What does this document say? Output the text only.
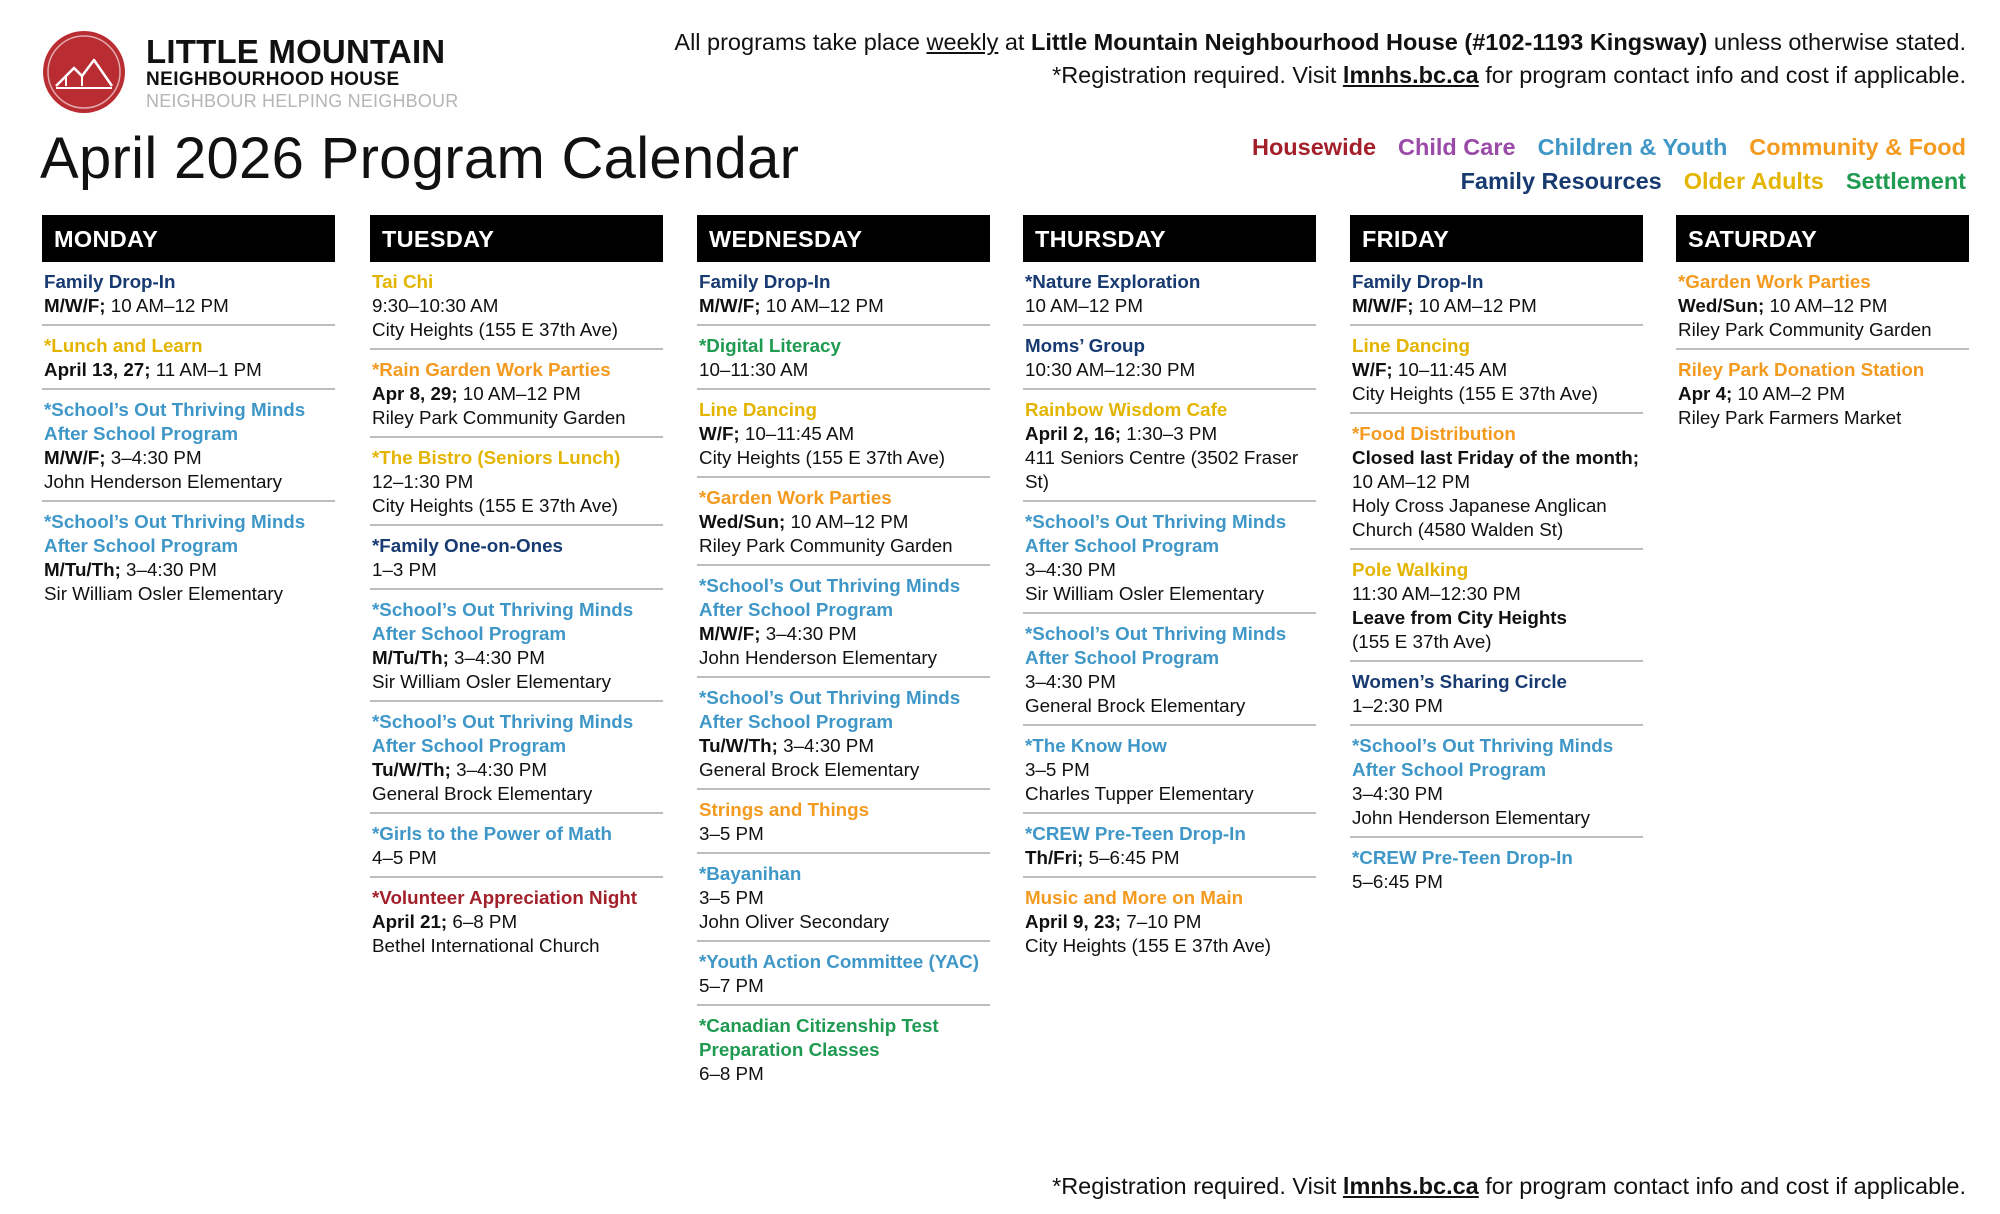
LITTLE MOUNTAIN
NEIGHBOURHOOD HOUSE
NEIGHBOUR HELPING NEIGHBOUR
All programs take place weekly at Little Mountain Neighbourhood House (#102-1193 Kingsway) unless otherwise stated.
*Registration required. Visit lmnhs.bc.ca for program contact info and cost if applicable.
April 2026 Program Calendar	Housewide Child Care Children & Youth Community & Food
Family Resources Older Adults Settlement
MONDAY
Family Drop-In
M/W/F; 10 AM–12 PM
*Lunch and Learn
April 13, 27; 11 AM–1 PM
*School’s Out Thriving Minds After School Program
M/W/F; 3–4:30 PM
John Henderson Elementary
*School’s Out Thriving Minds After School Program
M/Tu/Th; 3–4:30 PM
Sir William Osler Elementary
TUESDAY
Tai Chi
9:30–10:30 AM
City Heights (155 E 37th Ave)
*Rain Garden Work Parties
Apr 8, 29; 10 AM–12 PM
Riley Park Community Garden
*The Bistro (Seniors Lunch)
12–1:30 PM
City Heights (155 E 37th Ave)
*Family One-on-Ones
1–3 PM
*School’s Out Thriving Minds After School Program
M/Tu/Th; 3–4:30 PM
Sir William Osler Elementary
*School’s Out Thriving Minds After School Program
Tu/W/Th; 3–4:30 PM
General Brock Elementary
*Girls to the Power of Math
4–5 PM
*Volunteer Appreciation Night
April 21; 6–8 PM
Bethel International Church
WEDNESDAY
Family Drop-In
M/W/F; 10 AM–12 PM
*Digital Literacy
10–11:30 AM
Line Dancing
W/F; 10–11:45 AM
City Heights (155 E 37th Ave)
*Garden Work Parties
Wed/Sun; 10 AM–12 PM
Riley Park Community Garden
*School’s Out Thriving Minds After School Program
M/W/F; 3–4:30 PM
John Henderson Elementary
*School’s Out Thriving Minds After School Program
Tu/W/Th; 3–4:30 PM
General Brock Elementary
Strings and Things
3–5 PM
*Bayanihan
3–5 PM
John Oliver Secondary
*Youth Action Committee (YAC)
5–7 PM
*Canadian Citizenship Test Preparation Classes
6–8 PM
THURSDAY
*Nature Exploration
10 AM–12 PM
Moms’ Group
10:30 AM–12:30 PM
Rainbow Wisdom Cafe
April 2, 16; 1:30–3 PM
411 Seniors Centre (3502 Fraser St)
*School’s Out Thriving Minds After School Program
3–4:30 PM
Sir William Osler Elementary
*School’s Out Thriving Minds After School Program
3–4:30 PM
General Brock Elementary
*The Know How
3–5 PM
Charles Tupper Elementary
*CREW Pre-Teen Drop-In
Th/Fri; 5–6:45 PM
Music and More on Main
April 9, 23; 7–10 PM
City Heights (155 E 37th Ave)
FRIDAY
Family Drop-In
M/W/F; 10 AM–12 PM
Line Dancing
W/F; 10–11:45 AM
City Heights (155 E 37th Ave)
*Food Distribution
Closed last Friday of the month; 10 AM–12 PM
Holy Cross Japanese Anglican Church (4580 Walden St)
Pole Walking
11:30 AM–12:30 PM
Leave from City Heights
(155 E 37th Ave)
Women’s Sharing Circle
1–2:30 PM
*School’s Out Thriving Minds After School Program
3–4:30 PM
John Henderson Elementary
*CREW Pre-Teen Drop-In
5–6:45 PM
SATURDAY
*Garden Work Parties
Wed/Sun; 10 AM–12 PM
Riley Park Community Garden
Riley Park Donation Station
Apr 4; 10 AM–2 PM
Riley Park Farmers Market
*Registration required. Visit lmnhs.bc.ca for program contact info and cost if applicable.
